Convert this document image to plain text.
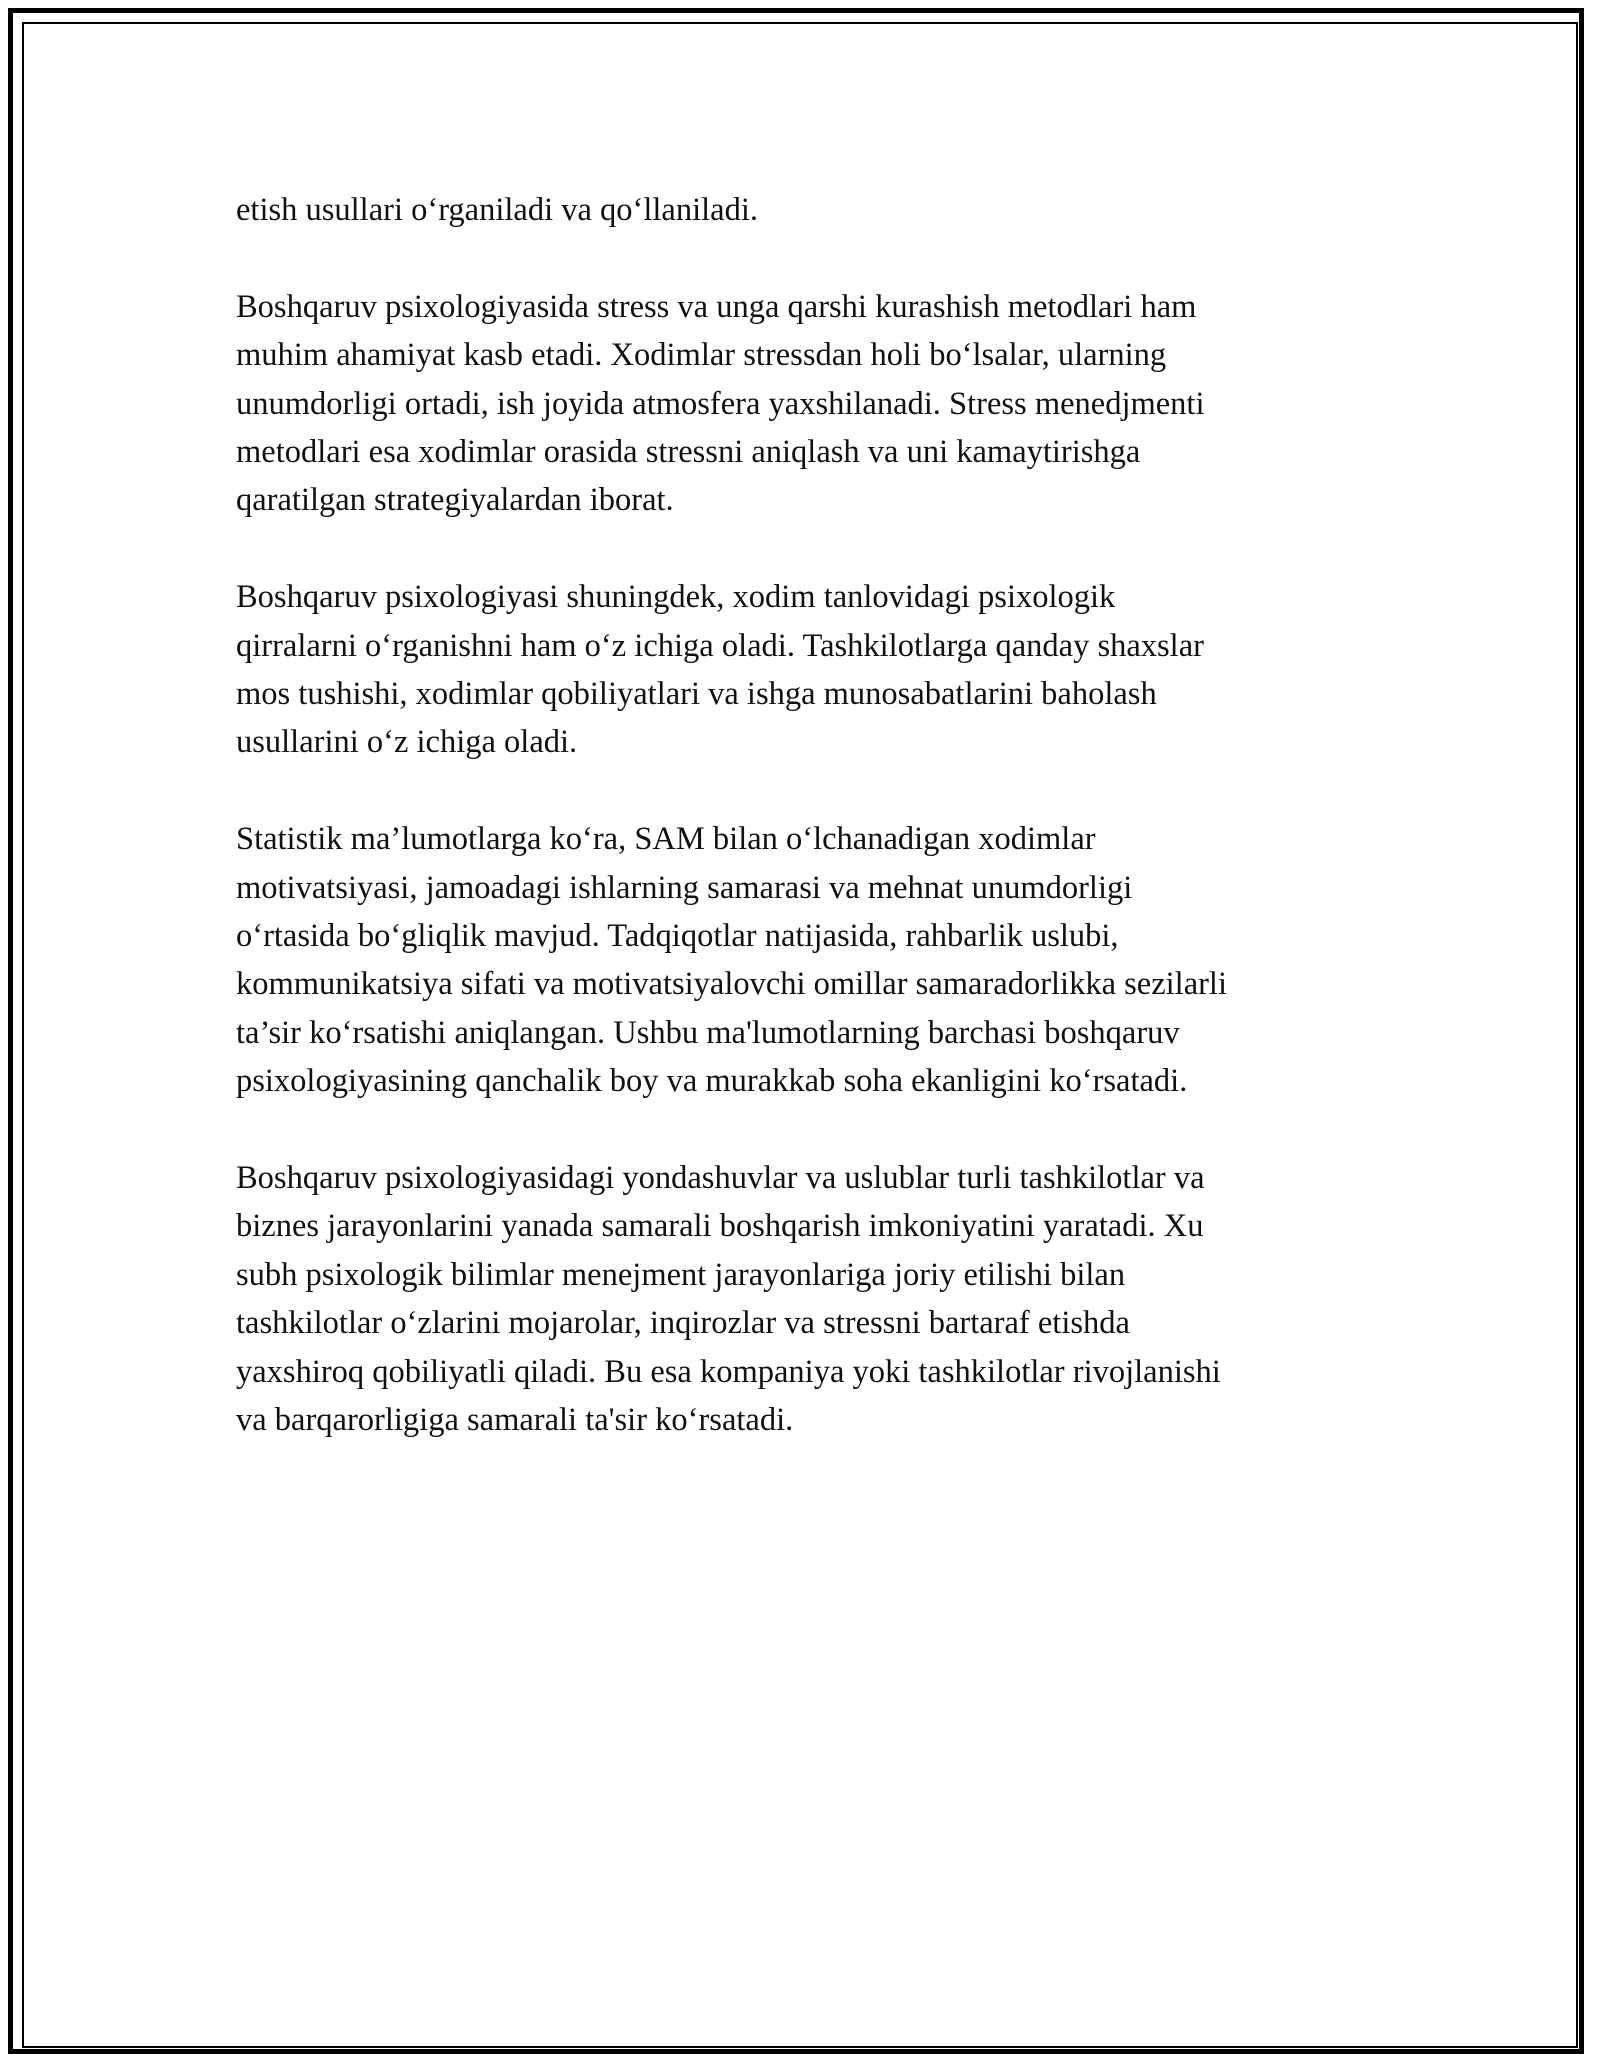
etish usullari oʻrganiladi va qoʻllaniladi.

Boshqaruv psixologiyasida stress va unga qarshi kurashish metodlari ham
muhim ahamiyat kasb etadi. Xodimlar stressdan holi boʻlsalar, ularning
unumdorligi ortadi, ish joyida atmosfera yaxshilanadi. Stress menedjmenti
metodlari esa xodimlar orasida stressni aniqlash va uni kamaytirishga
qaratilgan strategiyalardan iborat.

Boshqaruv psixologiyasi shuningdek, xodim tanlovidagi psixologik
qirralarni oʻrganishni ham oʻz ichiga oladi. Tashkilotlarga qanday shaxslar
mos tushishi, xodimlar qobiliyatlari va ishga munosabatlarini baholash
usullarini oʻz ichiga oladi.

Statistik ma’lumotlarga koʻra, SAM bilan oʻlchanadigan xodimlar
motivatsiyasi, jamoadagi ishlarning samarasi va mehnat unumdorligi
oʻrtasida boʻgliqlik mavjud. Tadqiqotlar natijasida, rahbarlik uslubi,
kommunikatsiya sifati va motivatsiyalovchi omillar samaradorlikka sezilarli
ta’sir koʻrsatishi aniqlangan. Ushbu ma'lumotlarning barchasi boshqaruv
psixologiyasining qanchalik boy va murakkab soha ekanligini koʻrsatadi.

Boshqaruv psixologiyasidagi yondashuvlar va uslublar turli tashkilotlar va
biznes jarayonlarini yanada samarali boshqarish imkoniyatini yaratadi. Xu
subh psixologik bilimlar menejment jarayonlariga joriy etilishi bilan
tashkilotlar oʻzlarini mojarolar, inqirozlar va stressni bartaraf etishda
yaxshiroq qobiliyatli qiladi. Bu esa kompaniya yoki tashkilotlar rivojlanishi
va barqarorligiga samarali ta'sir koʻrsatadi.
